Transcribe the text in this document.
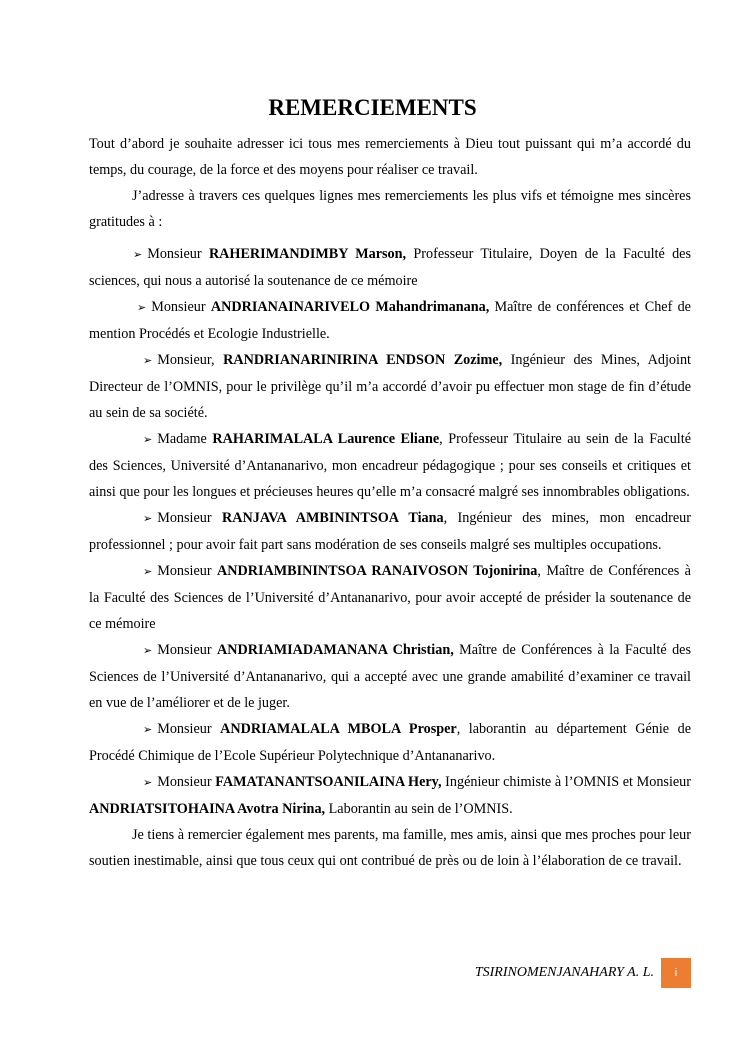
REMERCIEMENTS

Tout d’abord je souhaite adresser ici tous mes remerciements à Dieu tout puissant qui m’a accordé du temps, du courage, de la force et des moyens pour réaliser ce travail.

J’adresse à travers ces quelques lignes mes remerciements les plus vifs et témoigne mes sincères gratitudes à :

➢ Monsieur RAHERIMANDIMBY Marson, Professeur Titulaire, Doyen de la Faculté des sciences, qui nous a autorisé la soutenance de ce mémoire

➢ Monsieur ANDRIANAINARIVELO Mahandrimanana, Maître de conférences et Chef de mention Procédés et Ecologie Industrielle.

➢ Monsieur, RANDRIANARINIRINA ENDSON Zozime, Ingénieur des Mines, Adjoint Directeur de l’OMNIS, pour le privilège qu’il m’a accordé d’avoir pu effectuer mon stage de fin d’étude au sein de sa société.

➢ Madame RAHARIMALALA Laurence Eliane, Professeur Titulaire au sein de la Faculté des Sciences, Université d’Antananarivo, mon encadreur pédagogique ; pour ses conseils et critiques et ainsi que pour les longues et précieuses heures qu’elle m’a consacré malgré ses innombrables obligations.

➢ Monsieur RANJAVA AMBININTSOA Tiana, Ingénieur des mines, mon encadreur professionnel ; pour avoir fait part sans modération de ses conseils malgré ses multiples occupations.

➢ Monsieur ANDRIAMBININTSOA RANAIVOSON Tojonirina, Maître de Conférences à la Faculté des Sciences de l’Université d’Antananarivo, pour avoir accepté de présider la soutenance de ce mémoire

➢ Monsieur ANDRIAMIADAMANANA Christian, Maître de Conférences à la Faculté des Sciences de l’Université d’Antananarivo, qui a accepté avec une grande amabilité d’examiner ce travail en vue de l’améliorer et de le juger.

➢ Monsieur ANDRIAMALALA MBOLA Prosper, laborantin au département Génie de Procédé Chimique de l’Ecole Supérieur Polytechnique d’Antananarivo.

➢ Monsieur FAMATANANTSOANILAINA Hery, Ingénieur chimiste à l’OMNIS et Monsieur ANDRIATSITOHAINA Avotra Nirina, Laborantin au sein de l’OMNIS.

Je tiens à remercier également mes parents, ma famille, mes amis, ainsi que mes proches pour leur soutien inestimable, ainsi que tous ceux qui ont contribué de près ou de loin à l’élaboration de ce travail.

TSIRINOMENJANAHARY A. L.	i
